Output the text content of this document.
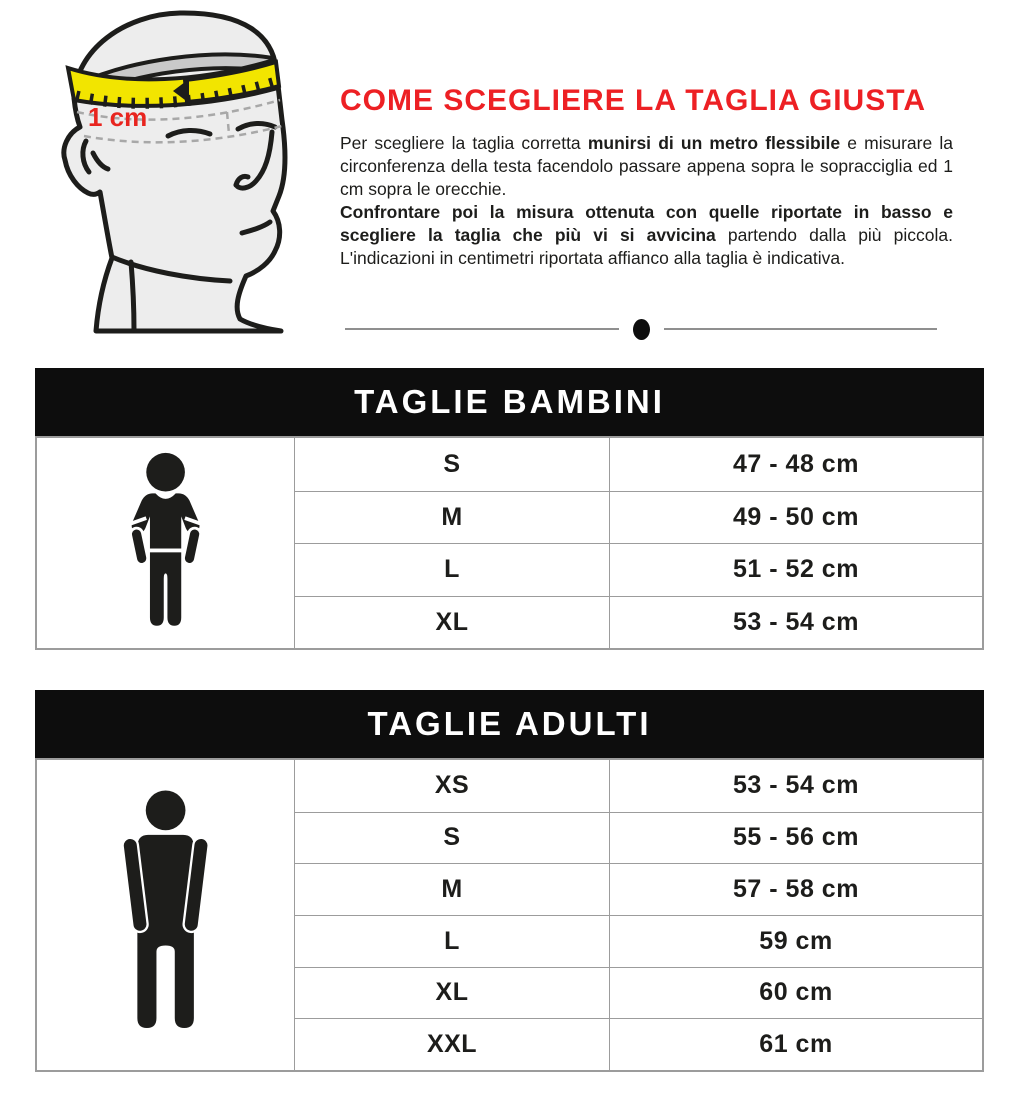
1 cm	COME SCEGLIERE LA TAGLIA GIUSTA

Per scegliere la taglia corretta munirsi di un metro flessibile e misurare la circonferenza della testa facendolo passare appena sopra le sopracciglia ed 1 cm sopra le orecchie.

Confrontare poi la misura ottenuta con quelle riportate in basso e scegliere la taglia che più vi si avvicina partendo dalla più piccola. L'indicazioni in centimetri riportata affianco alla taglia è indicativa.

TAGLIE BAMBINI
S	47 - 48 cm
M	49 - 50 cm
L	51 - 52 cm
XL	53 - 54 cm
TAGLIE ADULTI
XS	53 - 54 cm
S	55 - 56 cm
M	57 - 58 cm
L	59 cm
XL	60 cm
XXL	61 cm
